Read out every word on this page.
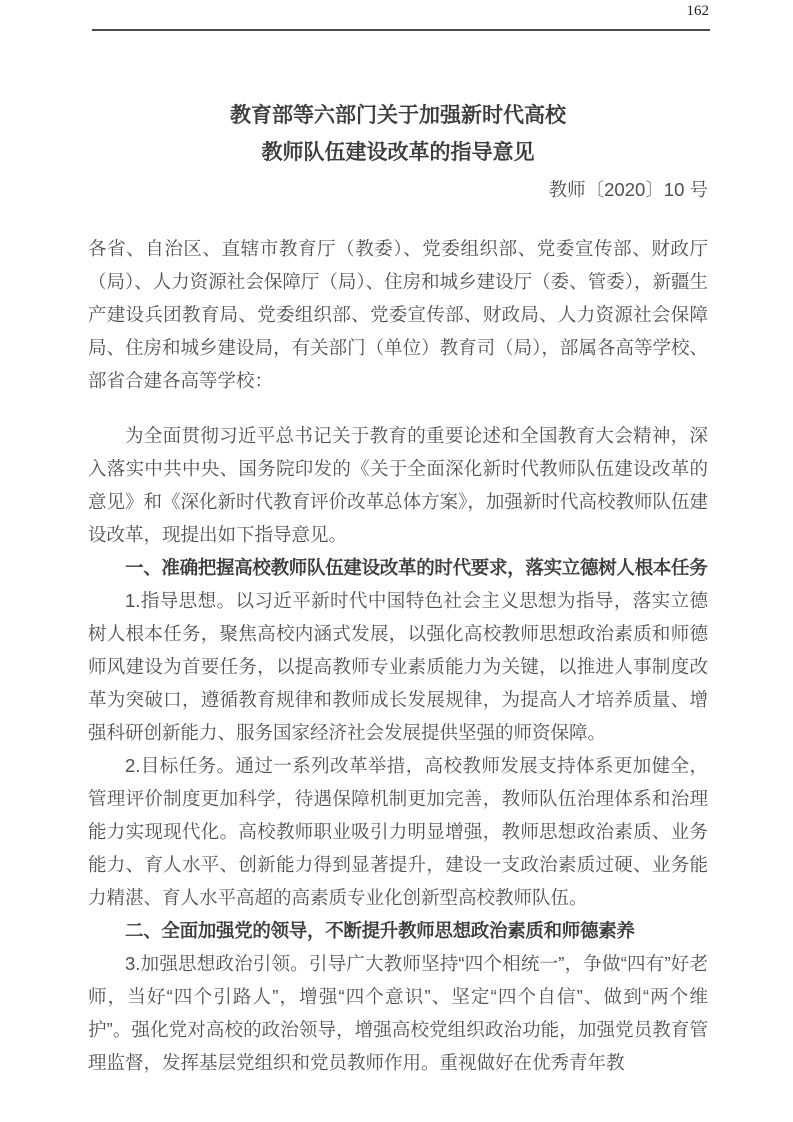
162
教育部等六部门关于加强新时代高校
教师队伍建设改革的指导意见

教师〔2020〕10 号

各省、自治区、直辖市教育厅（教委）、党委组织部、党委宣传部、财政厅（局）、人力资源社会保障厅（局）、住房和城乡建设厅（委、管委），新疆生产建设兵团教育局、党委组织部、党委宣传部、财政局、人力资源社会保障局、住房和城乡建设局，有关部门（单位）教育司（局），部属各高等学校、部省合建各高等学校：

为全面贯彻习近平总书记关于教育的重要论述和全国教育大会精神，深入落实中共中央、国务院印发的《关于全面深化新时代教师队伍建设改革的意见》和《深化新时代教育评价改革总体方案》，加强新时代高校教师队伍建设改革，现提出如下指导意见。

一、准确把握高校教师队伍建设改革的时代要求，落实立德树人根本任务

1.指导思想。以习近平新时代中国特色社会主义思想为指导，落实立德树人根本任务，聚焦高校内涵式发展，以强化高校教师思想政治素质和师德师风建设为首要任务，以提高教师专业素质能力为关键，以推进人事制度改革为突破口，遵循教育规律和教师成长发展规律，为提高人才培养质量、增强科研创新能力、服务国家经济社会发展提供坚强的师资保障。

2.目标任务。通过一系列改革举措，高校教师发展支持体系更加健全，管理评价制度更加科学，待遇保障机制更加完善，教师队伍治理体系和治理能力实现现代化。高校教师职业吸引力明显增强，教师思想政治素质、业务能力、育人水平、创新能力得到显著提升，建设一支政治素质过硬、业务能力精湛、育人水平高超的高素质专业化创新型高校教师队伍。

二、全面加强党的领导，不断提升教师思想政治素质和师德素养

3.加强思想政治引领。引导广大教师坚持“四个相统一”，争做“四有”好老师，当好“四个引路人”，增强“四个意识”、坚定“四个自信”、做到“两个维护”。强化党对高校的政治领导，增强高校党组织政治功能，加强党员教育管理监督，发挥基层党组织和党员教师作用。重视做好在优秀青年教
